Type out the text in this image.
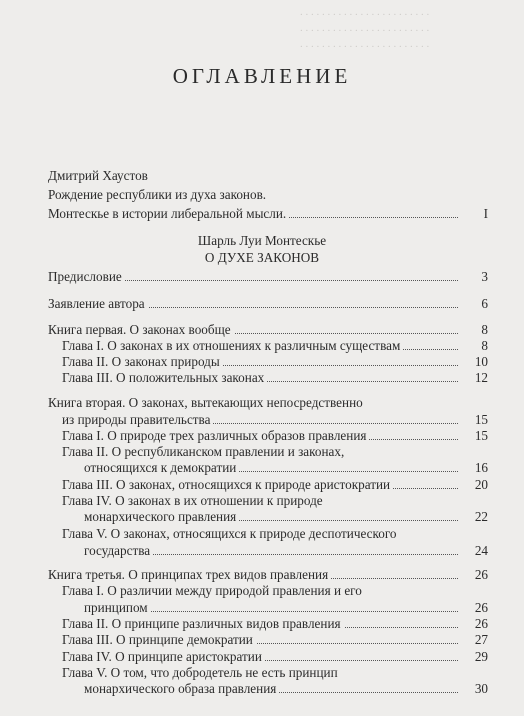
. . . . . . . . . . . . . . . . . . . . . . . .
. . . . . . . . . . . . . . . . . . . . . . . .
. . . . . . . . . . . . . . . . . . . . . . . .
ОГЛАВЛЕНИЕ
Дмитрий Хаустов
Рождение республики из духа законов.
Монтескье в истории либеральной мысли.	I
Шарль Луи Монтескье
О ДУХЕ ЗАКОНОВ
Предисловие	3
Заявление автора	6
Книга первая. О законах вообще	8
Глава I. О законах в их отношениях к различным существам	8
Глава II. О законах природы	10
Глава III. О положительных законах	12
Книга вторая. О законах, вытекающих непосредственно
из природы правительства	15
Глава I. О природе трех различных образов правления	15
Глава II. О республиканском правлении и законах,
относящихся к демократии	16
Глава III. О законах, относящихся к природе аристократии	20
Глава IV. О законах в их отношении к природе
монархического правления	22
Глава V. О законах, относящихся к природе деспотического
государства	24
Книга третья. О принципах трех видов правления	26
Глава I. О различии между природой правления и его
принципом	26
Глава II. О принципе различных видов правления	26
Глава III. О принципе демократии	27
Глава IV. О принципе аристократии	29
Глава V. О том, что добродетель не есть принцип
монархического образа правления	30
